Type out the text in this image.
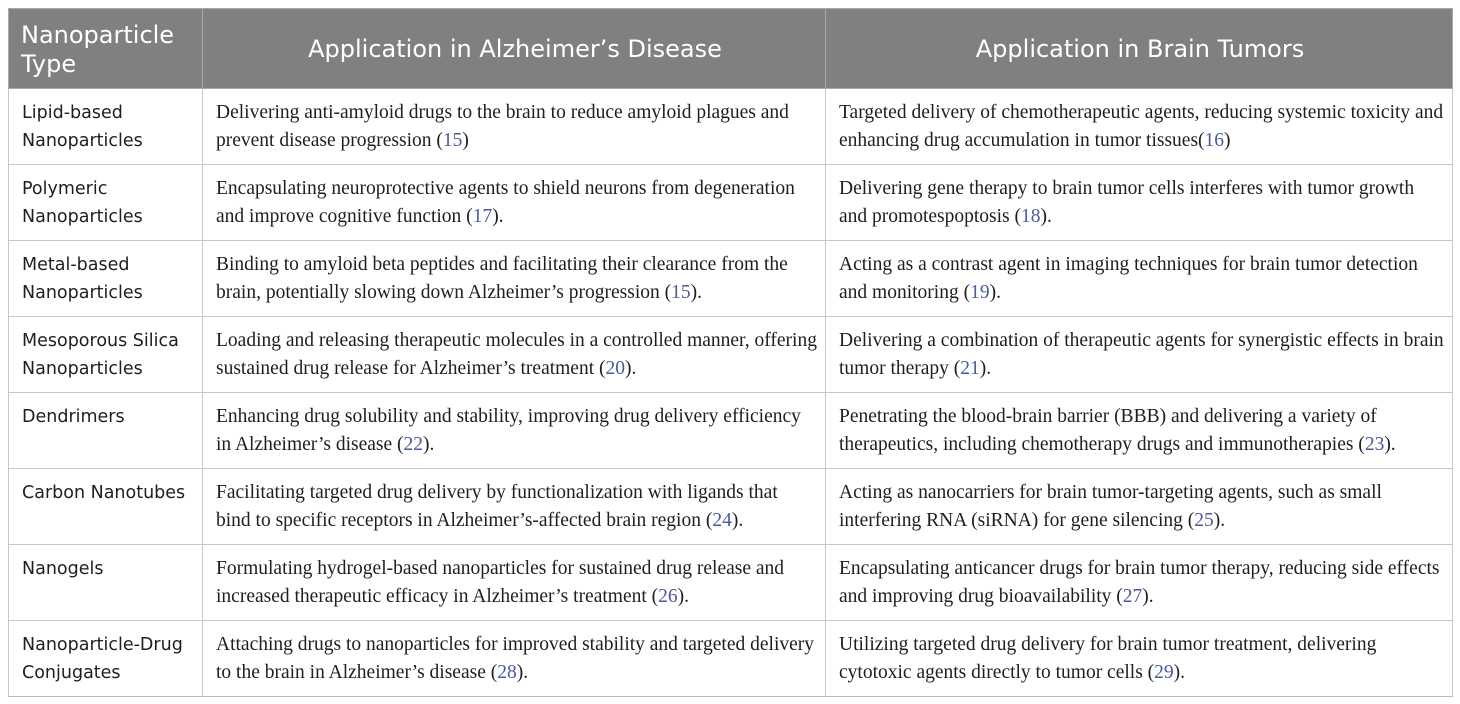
Nanoparticle Type	Application in Alzheimer’s Disease	Application in Brain Tumors
Lipid-based Nanoparticles	Delivering anti-amyloid drugs to the brain to reduce amyloid plagues and prevent disease progression (15)	Targeted delivery of chemotherapeutic agents, reducing systemic toxicity and enhancing drug accumulation in tumor tissues(16)
Polymeric Nanoparticles	Encapsulating neuroprotective agents to shield neurons from degeneration and improve cognitive function (17).	Delivering gene therapy to brain tumor cells interferes with tumor growth and promotespoptosis (18).
Metal-based Nanoparticles	Binding to amyloid beta peptides and facilitating their clearance from the brain, potentially slowing down Alzheimer’s progression (15).	Acting as a contrast agent in imaging techniques for brain tumor detection and monitoring (19).
Mesoporous Silica Nanoparticles	Loading and releasing therapeutic molecules in a controlled manner, offering sustained drug release for Alzheimer’s treatment (20).	Delivering a combination of therapeutic agents for synergistic effects in brain tumor therapy (21).
Dendrimers	Enhancing drug solubility and stability, improving drug delivery efficiency in Alzheimer’s disease (22).	Penetrating the blood-brain barrier (BBB) and delivering a variety of therapeutics, including chemotherapy drugs and immunotherapies (23).
Carbon Nanotubes	Facilitating targeted drug delivery by functionalization with ligands that bind to specific receptors in Alzheimer’s-affected brain region (24).	Acting as nanocarriers for brain tumor-targeting agents, such as small interfering RNA (siRNA) for gene silencing (25).
Nanogels	Formulating hydrogel-based nanoparticles for sustained drug release and increased therapeutic efficacy in Alzheimer’s treatment (26).	Encapsulating anticancer drugs for brain tumor therapy, reducing side effects and improving drug bioavailability (27).
Nanoparticle-Drug Conjugates	Attaching drugs to nanoparticles for improved stability and targeted delivery to the brain in Alzheimer’s disease (28).	Utilizing targeted drug delivery for brain tumor treatment, delivering cytotoxic agents directly to tumor cells (29).
